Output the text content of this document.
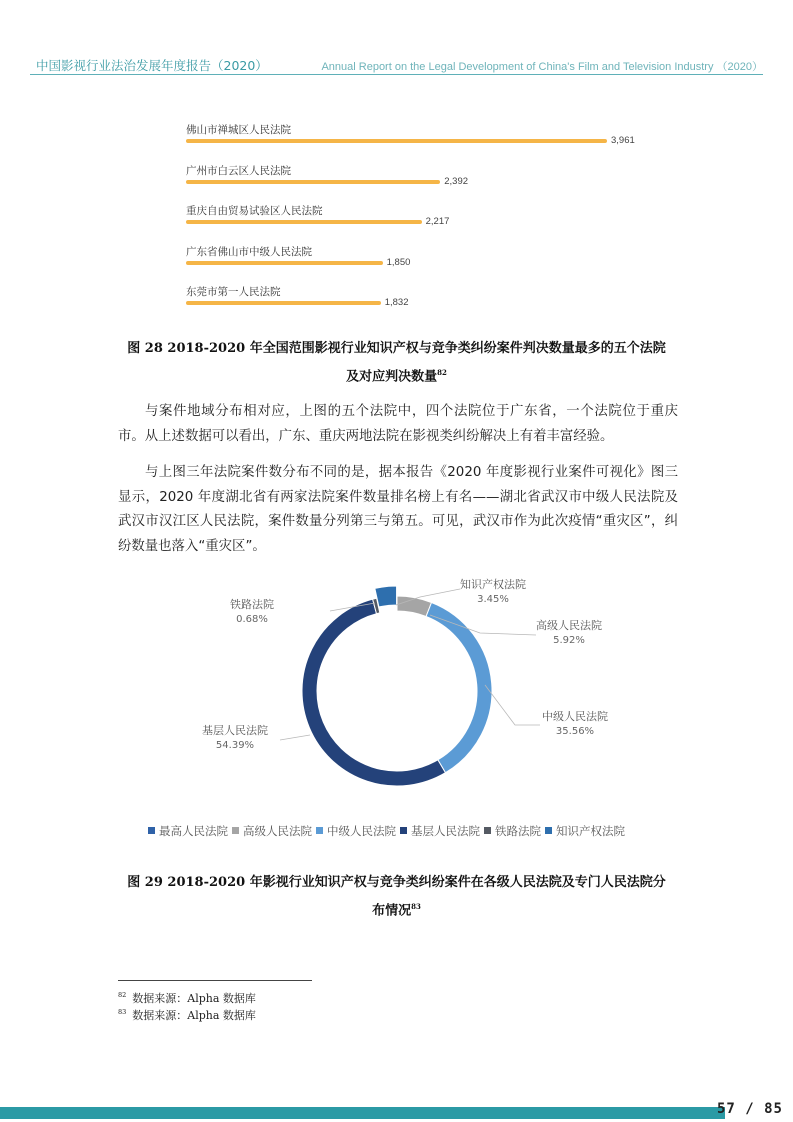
中国影视行业法治发展年度报告（2020）	Annual Report on the Legal Development of China's Film and Television Industry （2020）
佛山市禅城区人民法院
3,961
广州市白云区人民法院
2,392
重庆自由贸易试验区人民法院
2,217
广东省佛山市中级人民法院
1,850
东莞市第一人民法院
1,832
图 28 2018-2020 年全国范围影视行业知识产权与竞争类纠纷案件判决数量最多的五个法院
及对应判决数量$^{82}$
与案件地域分布相对应，上图的五个法院中，四个法院位于广东省，一个法院位于重庆市。从上述数据可以看出，广东、重庆两地法院在影视类纠纷解决上有着丰富经验。
与上图三年法院案件数分布不同的是，据本报告《2020 年度影视行业案件可视化》图三显示，2020 年度湖北省有两家法院案件数量排名榜上有名——湖北省武汉市中级人民法院及武汉市汉江区人民法院，案件数量分列第三与第五。可见，武汉市作为此次疫情“重灾区”，纠纷数量也落入“重灾区”。
知识产权法院
3.45%
高级人民法院
5.92%
中级人民法院
35.56%
基层人民法院
54.39%
铁路法院
0.68%
最高人民法院 高级人民法院 中级人民法院 基层人民法院 铁路法院 知识产权法院
图 29 2018-2020 年影视行业知识产权与竞争类纠纷案件在各级人民法院及专门人民法院分
布情况$^{83}$
$^{82}$ 数据来源：Alpha 数据库
$^{83}$ 数据来源：Alpha 数据库
57 / 85
